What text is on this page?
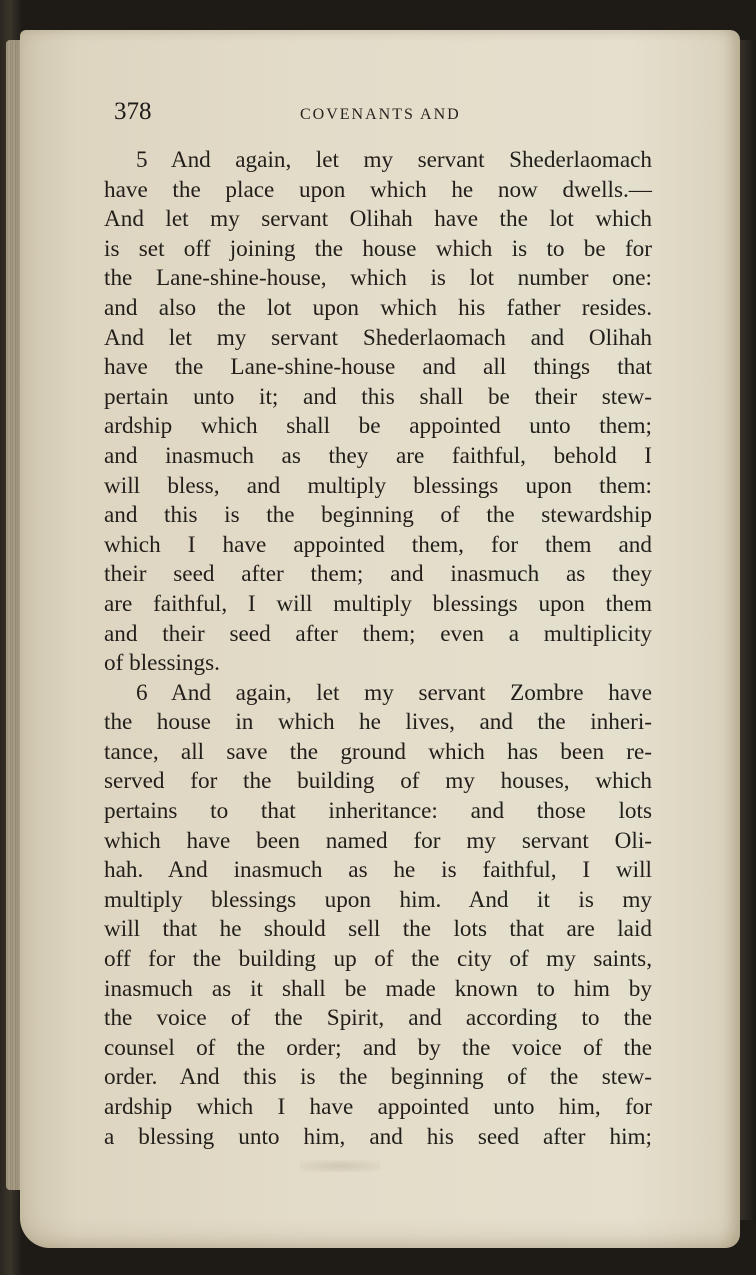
378	COVENANTS AND
5 And again, let my servant Shederlaomach
have the place upon which he now dwells.—
And let my servant Olihah have the lot which
is set off joining the house which is to be for
the Lane-shine-house, which is lot number one:
and also the lot upon which his father resides.
And let my servant Shederlaomach and Olihah
have the Lane-shine-house and all things that
pertain unto it; and this shall be their stew-
ardship which shall be appointed unto them;
and inasmuch as they are faithful, behold I
will bless, and multiply blessings upon them:
and this is the beginning of the stewardship
which I have appointed them, for them and
their seed after them; and inasmuch as they
are faithful, I will multiply blessings upon them
and their seed after them; even a multiplicity
of blessings.
6 And again, let my servant Zombre have
the house in which he lives, and the inheri-
tance, all save the ground which has been re-
served for the building of my houses, which
pertains to that inheritance: and those lots
which have been named for my servant Oli-
hah. And inasmuch as he is faithful, I will
multiply blessings upon him. And it is my
will that he should sell the lots that are laid
off for the building up of the city of my saints,
inasmuch as it shall be made known to him by
the voice of the Spirit, and according to the
counsel of the order; and by the voice of the
order. And this is the beginning of the stew-
ardship which I have appointed unto him, for
a blessing unto him, and his seed after him;
